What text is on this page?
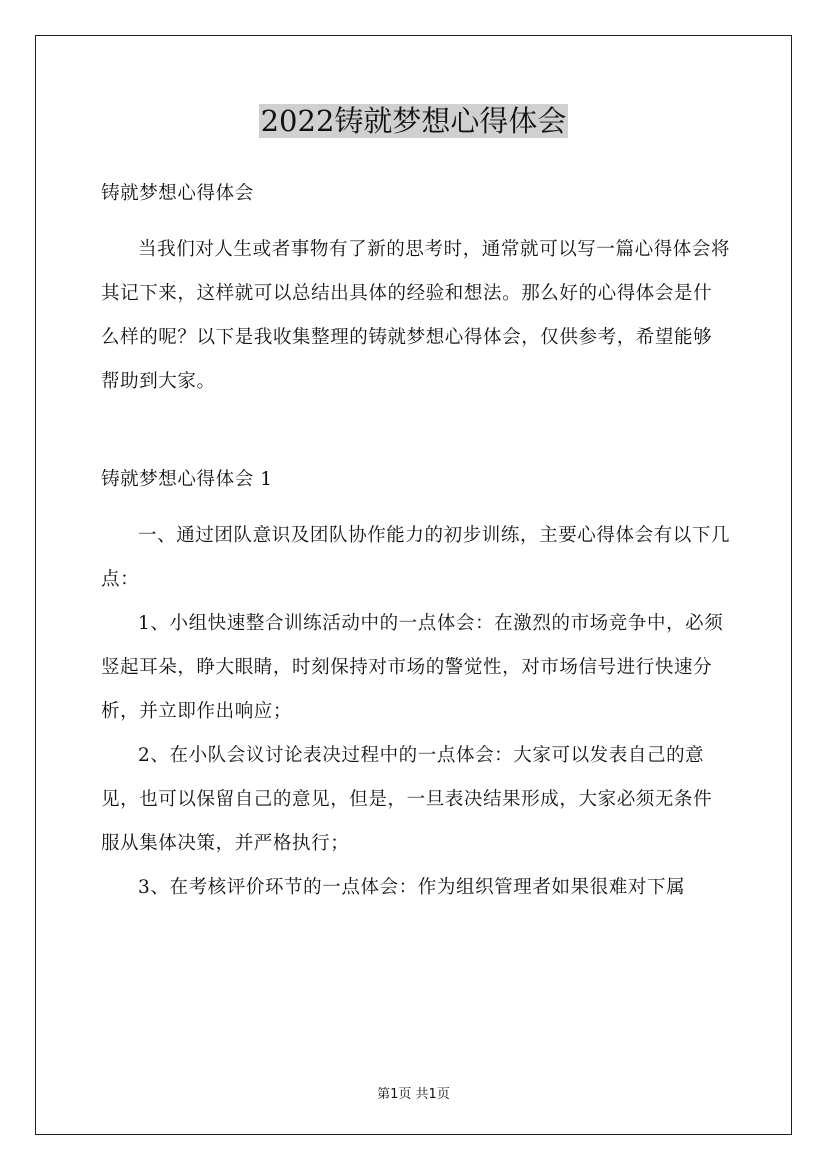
2022铸就梦想心得体会

铸就梦想心得体会

当我们对人生或者事物有了新的思考时，通常就可以写一篇心得体会将其记下来，这样就可以总结出具体的经验和想法。那么好的心得体会是什么样的呢？以下是我收集整理的铸就梦想心得体会，仅供参考，希望能够帮助到大家。

铸就梦想心得体会 1

一、通过团队意识及团队协作能力的初步训练，主要心得体会有以下几点：

1、小组快速整合训练活动中的一点体会：在激烈的市场竞争中，必须竖起耳朵，睁大眼睛，时刻保持对市场的警觉性，对市场信号进行快速分析，并立即作出响应；

2、在小队会议讨论表决过程中的一点体会：大家可以发表自己的意见，也可以保留自己的意见，但是，一旦表决结果形成，大家必须无条件服从集体决策，并严格执行；

3、在考核评价环节的一点体会：作为组织管理者如果很难对下属

第1页 共1页
